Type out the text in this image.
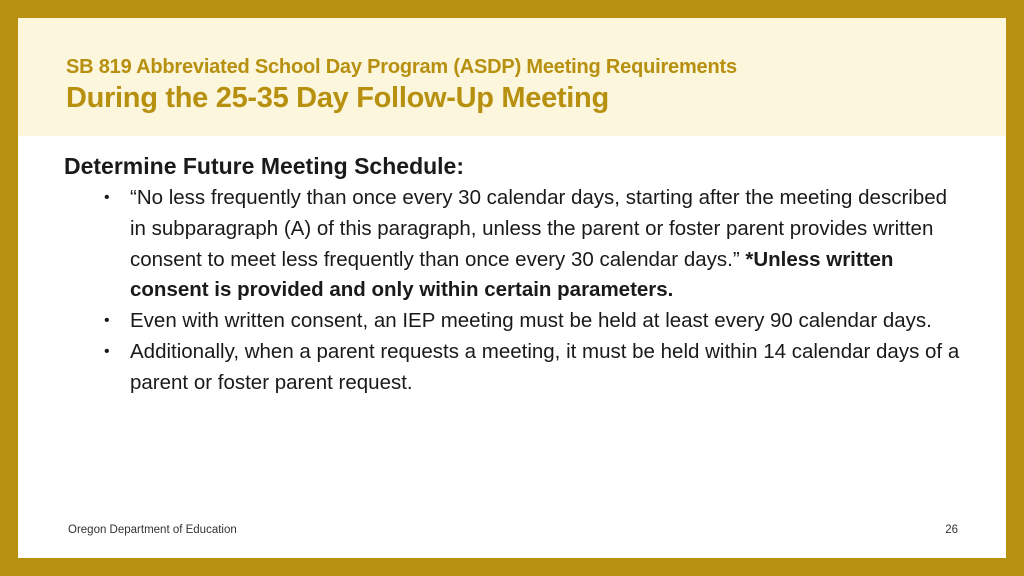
SB 819 Abbreviated School Day Program (ASDP) Meeting Requirements
During the 25-35 Day Follow-Up Meeting

Determine Future Meeting Schedule:

• “No less frequently than once every 30 calendar days, starting after the meeting described in subparagraph (A) of this paragraph, unless the parent or foster parent provides written consent to meet less frequently than once every 30 calendar days.” *Unless written consent is provided and only within certain parameters.
• Even with written consent, an IEP meeting must be held at least every 90 calendar days.
• Additionally, when a parent requests a meeting, it must be held within 14 calendar days of a parent or foster parent request.
Oregon Department of Education	26
